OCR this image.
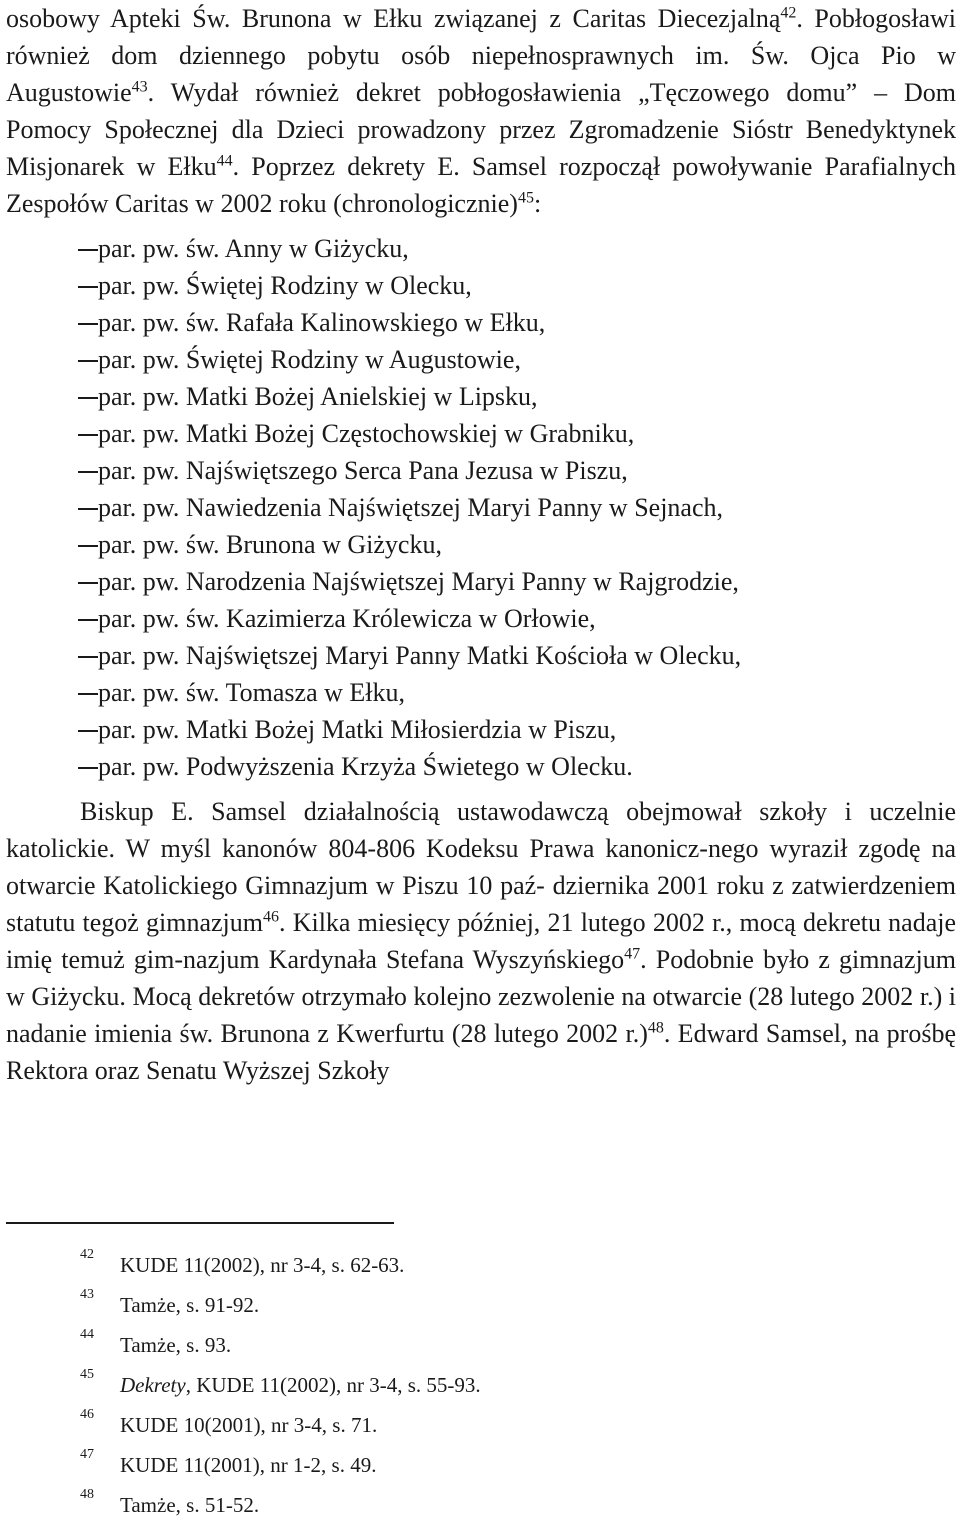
osobowy Apteki Św. Brunona w Ełku związanej z Caritas Diecezjalną$^{42}$. Pobłogosławi również dom dziennego pobytu osób niepełnosprawnych im. Św. Ojca Pio w Augustowie$^{43}$. Wydał również dekret pobłogosławienia „Tęczowego domu” – Dom Pomocy Społecznej dla Dzieci prowadzony przez Zgromadzenie Sióstr Benedyktynek Misjonarek w Ełku$^{44}$. Poprzez dekrety E. Samsel rozpoczął powoływanie Parafialnych Zespołów Caritas w 2002 roku (chronologicznie)$^{45}$:

par. pw. św. Anny w Giżycku,
par. pw. Świętej Rodziny w Olecku,
par. pw. św. Rafała Kalinowskiego w Ełku,
par. pw. Świętej Rodziny w Augustowie,
par. pw. Matki Bożej Anielskiej w Lipsku,
par. pw. Matki Bożej Częstochowskiej w Grabniku,
par. pw. Najświętszego Serca Pana Jezusa w Piszu,
par. pw. Nawiedzenia Najświętszej Maryi Panny w Sejnach,
par. pw. św. Brunona w Giżycku,
par. pw. Narodzenia Najświętszej Maryi Panny w Rajgrodzie,
par. pw. św. Kazimierza Królewicza w Orłowie,
par. pw. Najświętszej Maryi Panny Matki Kościoła w Olecku,
par. pw. św. Tomasza w Ełku,
par. pw. Matki Bożej Matki Miłosierdzia w Piszu,
par. pw. Podwyższenia Krzyża Świetego w Olecku.

Biskup E. Samsel działalnością ustawodawczą obejmował szkoły i uczelnie katolickie. W myśl kanonów 804-806 Kodeksu Prawa kanonicz-nego wyraził zgodę na otwarcie Katolickiego Gimnazjum w Piszu 10 paź- dziernika 2001 roku z zatwierdzeniem statutu tegoż gimnazjum$^{46}$. Kilka miesięcy później, 21 lutego 2002 r., mocą dekretu nadaje imię temuż gim-nazjum Kardynała Stefana Wyszyńskiego$^{47}$. Podobnie było z gimnazjum w Giżycku. Mocą dekretów otrzymało kolejno zezwolenie na otwarcie (28 lutego 2002 r.) i nadanie imienia św. Brunona z Kwerfurtu (28 lutego 2002 r.)$^{48}$. Edward Samsel, na prośbę Rektora oraz Senatu Wyższej Szkoły

42 KUDE 11(2002), nr 3-4, s. 62-63.
43 Tamże, s. 91-92.
44 Tamże, s. 93.
45 Dekrety, KUDE 11(2002), nr 3-4, s. 55-93.
46 KUDE 10(2001), nr 3-4, s. 71.
47 KUDE 11(2001), nr 1-2, s. 49.
48 Tamże, s. 51-52.
